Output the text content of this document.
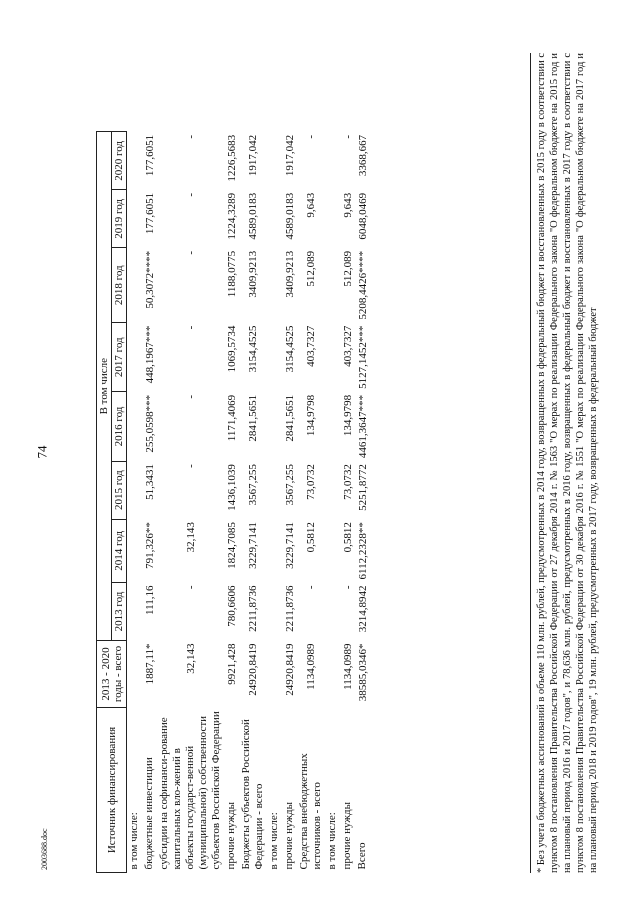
74
Источник финансирования	2013 - 2020 годы - всего	В том числе							
		2013 год	2014 год	2015 год	2016 год	2017 год	2018 год	2019 год	2020 год
в том числе:									
бюджетные инвестиции	1887,11*	111,16	791,326**	51,3431	255,0598***	448,1967***	50,3072****	177,6051	177,6051
субсидии на софинанси-рование капитальных вло-жений в объекты государст-венной (муниципальной) собственности субъектов Российской Федерации	32,143	-	32,143	-	-	-	-	-	-
прочие нужды	9921,428	780,6606	1824,7085	1436,1039	1171,4069	1069,5734	1188,0775	1224,3289	1226,5683
Бюджеты субъектов Российской Федерации - всего	24920,8419	2211,8736	3229,7141	3567,255	2841,5651	3154,4525	3409,9213	4589,0183	1917,042
в том числе:									
прочие нужды	24920,8419	2211,8736	3229,7141	3567,255	2841,5651	3154,4525	3409,9213	4589,0183	1917,042
Средства внебюджетных источников - всего	1134,0989	-	0,5812	73,0732	134,9798	403,7327	512,089	9,643	-
в том числе:									
прочие нужды	1134,0989	-	0,5812	73,0732	134,9798	403,7327	512,089	9,643	-
Всего	38585,0346*	3214,8942	6112,2328**	5251,8772	4461,3647***	5127,1452***	5208,4426****	6048,0469	3368,667	* Без учета бюджетных ассигнований в объеме 110 млн. рублей, предусмотренных в 2014 году, возвращенных в федеральный бюджет и восстановленных в 2015 году в соответствии с пунктом 8 постановления Правительства Российской Федерации от 27 декабря 2014 г. № 1563 "О мерах по реализации Федерального закона "О федеральном бюджете на 2015 год и на плановый период 2016 и 2017 годов", и 78,636 млн. рублей, предусмотренных в 2016 году, возвращенных в федеральный бюджет и восстановленных в 2017 году в соответствии с пунктом 8 постановления Правительства Российской Федерации от 30 декабря 2016 г. № 1551 "О мерах по реализации Федерального закона "О федеральном бюджете на 2017 год и на плановый период 2018 и 2019 годов", 19 млн. рублей, предусмотренных в 2017 году, возвращенных в федеральный бюджет
2003688.doc
